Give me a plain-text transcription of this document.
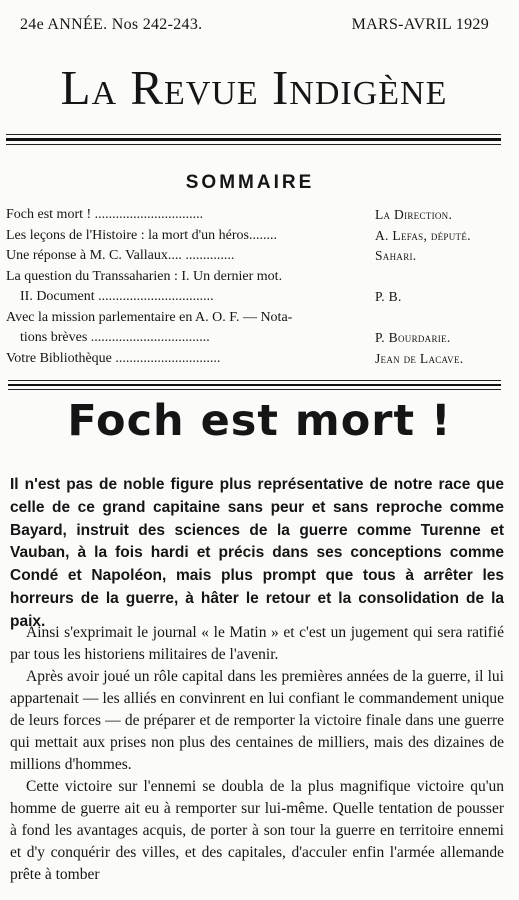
24e ANNÉE. Nos 242-243.	MARS-AVRIL 1929
La Revue Indigène
SOMMAIRE
Foch est mort ! ...............................	La Direction.
Les leçons de l'Histoire : la mort d'un héros........	A. Lefas, député.
Une réponse à M. C. Vallaux.... ..............	Sahari.
La question du Transsaharien : I. Un dernier mot.
II. Document .................................	P. B.
Avec la mission parlementaire en A. O. F. — Nota-
tions brèves ..................................	P. Bourdarie.
Votre Bibliothèque ..............................	Jean de Lacave.
Foch est mort !

Il n'est pas de noble figure plus représentative de notre race que celle de ce grand capitaine sans peur et sans reproche comme Bayard, instruit des sciences de la guerre comme Turenne et Vauban, à la fois hardi et précis dans ses conceptions comme Condé et Napoléon, mais plus prompt que tous à arrêter les horreurs de la guerre, à hâter le retour et la consolidation de la paix.

Ainsi s'exprimait le journal « le Matin » et c'est un jugement qui sera ratifié par tous les historiens militaires de l'avenir.

Après avoir joué un rôle capital dans les premières années de la guerre, il lui appartenait — les alliés en convinrent en lui confiant le commandement unique de leurs forces — de préparer et de remporter la victoire finale dans une guerre qui mettait aux prises non plus des centaines de milliers, mais des dizaines de millions d'hommes.

Cette victoire sur l'ennemi se doubla de la plus magnifique victoire qu'un homme de guerre ait eu à remporter sur lui-même. Quelle tentation de pousser à fond les avantages acquis, de porter à son tour la guerre en territoire ennemi et d'y conquérir des villes, et des capitales, d'acculer enfin l'armée allemande prête à tomber
